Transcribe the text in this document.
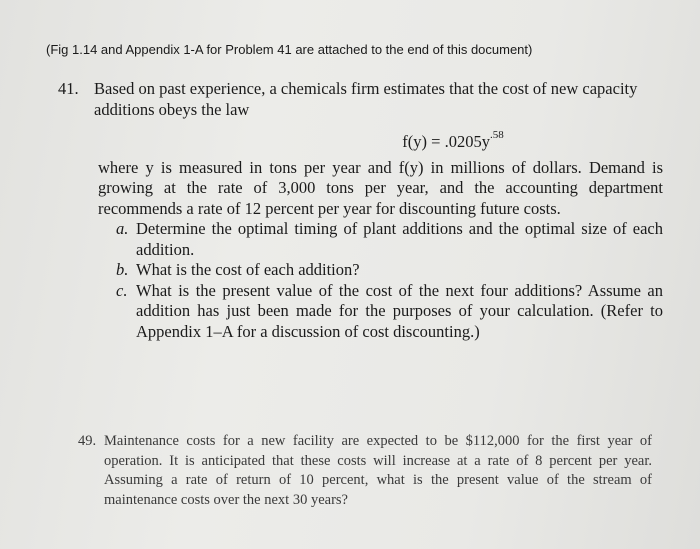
(Fig 1.14 and Appendix 1-A for Problem 41 are attached to the end of this document)
41. Based on past experience, a chemicals firm estimates that the cost of new capacity additions obeys the law
$f(y) = .0205y^{.58}$
where y is measured in tons per year and f(y) in millions of dollars. Demand is growing at the rate of 3,000 tons per year, and the accounting department recommends a rate of 12 percent per year for discounting future costs.
a. Determine the optimal timing of plant additions and the optimal size of each addition.
b. What is the cost of each addition?
c. What is the present value of the cost of the next four additions? Assume an addition has just been made for the purposes of your calculation. (Refer to Appendix 1–A for a discussion of cost discounting.)
49. Maintenance costs for a new facility are expected to be $112,000 for the first year of operation. It is anticipated that these costs will increase at a rate of 8 percent per year. Assuming a rate of return of 10 percent, what is the present value of the stream of maintenance costs over the next 30 years?
